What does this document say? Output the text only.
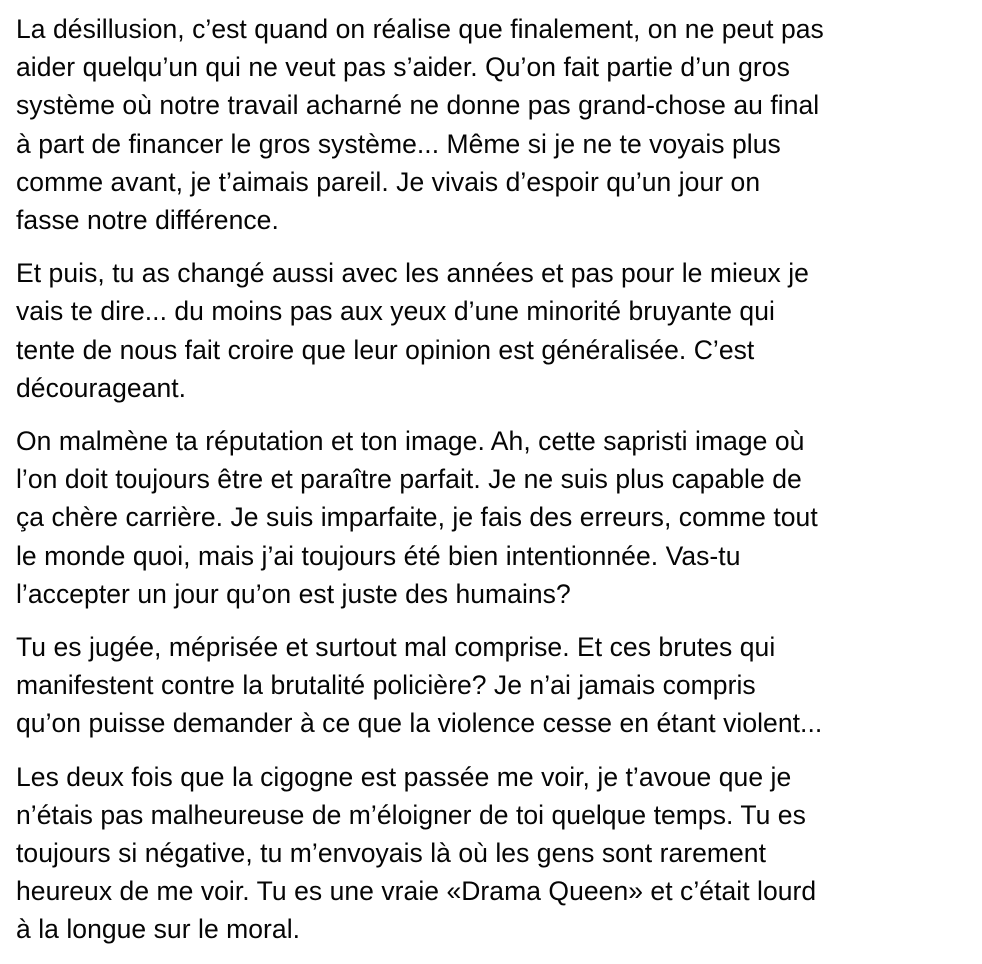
La désillusion, c’est quand on réalise que finalement, on ne peut pas
aider quelqu’un qui ne veut pas s’aider. Qu’on fait partie d’un gros
système où notre travail acharné ne donne pas grand-chose au final
à part de financer le gros système... Même si je ne te voyais plus
comme avant, je t’aimais pareil. Je vivais d’espoir qu’un jour on
fasse notre différence.

Et puis, tu as changé aussi avec les années et pas pour le mieux je
vais te dire... du moins pas aux yeux d’une minorité bruyante qui
tente de nous fait croire que leur opinion est généralisée. C’est
décourageant.

On malmène ta réputation et ton image. Ah, cette sapristi image où
l’on doit toujours être et paraître parfait. Je ne suis plus capable de
ça chère carrière. Je suis imparfaite, je fais des erreurs, comme tout
le monde quoi, mais j’ai toujours été bien intentionnée. Vas-tu
l’accepter un jour qu’on est juste des humains?

Tu es jugée, méprisée et surtout mal comprise. Et ces brutes qui
manifestent contre la brutalité policière? Je n’ai jamais compris
qu’on puisse demander à ce que la violence cesse en étant violent...

Les deux fois que la cigogne est passée me voir, je t’avoue que je
n’étais pas malheureuse de m’éloigner de toi quelque temps. Tu es
toujours si négative, tu m’envoyais là où les gens sont rarement
heureux de me voir. Tu es une vraie «Drama Queen» et c’était lourd
à la longue sur le moral.
